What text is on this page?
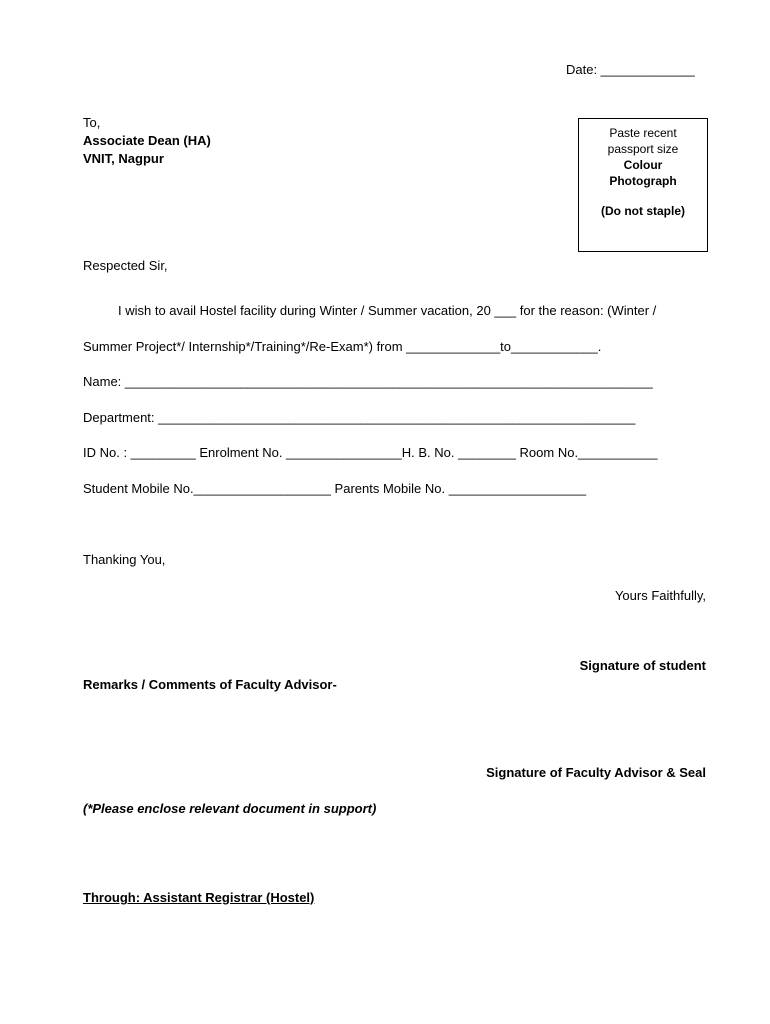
Date: _____________
To,
Associate Dean (HA)
VNIT, Nagpur
Paste recent
passport size
Colour
Photograph
(Do not staple)
Respected Sir,
I wish to avail Hostel facility during Winter / Summer vacation, 20 ___ for the reason: (Winter /
Summer Project*/ Internship*/Training*/Re-Exam*) from _____________to____________.
Name: _________________________________________________________________________
Department: __________________________________________________________________
ID No. : _________ Enrolment No. ________________H. B. No. ________ Room No.___________
Student Mobile No.___________________ Parents Mobile No. ___________________
Thanking You,
Yours Faithfully,
Signature of student
Remarks / Comments of Faculty Advisor-
Signature of Faculty Advisor & Seal
(*Please enclose relevant document in support)
Through: Assistant Registrar (Hostel)
